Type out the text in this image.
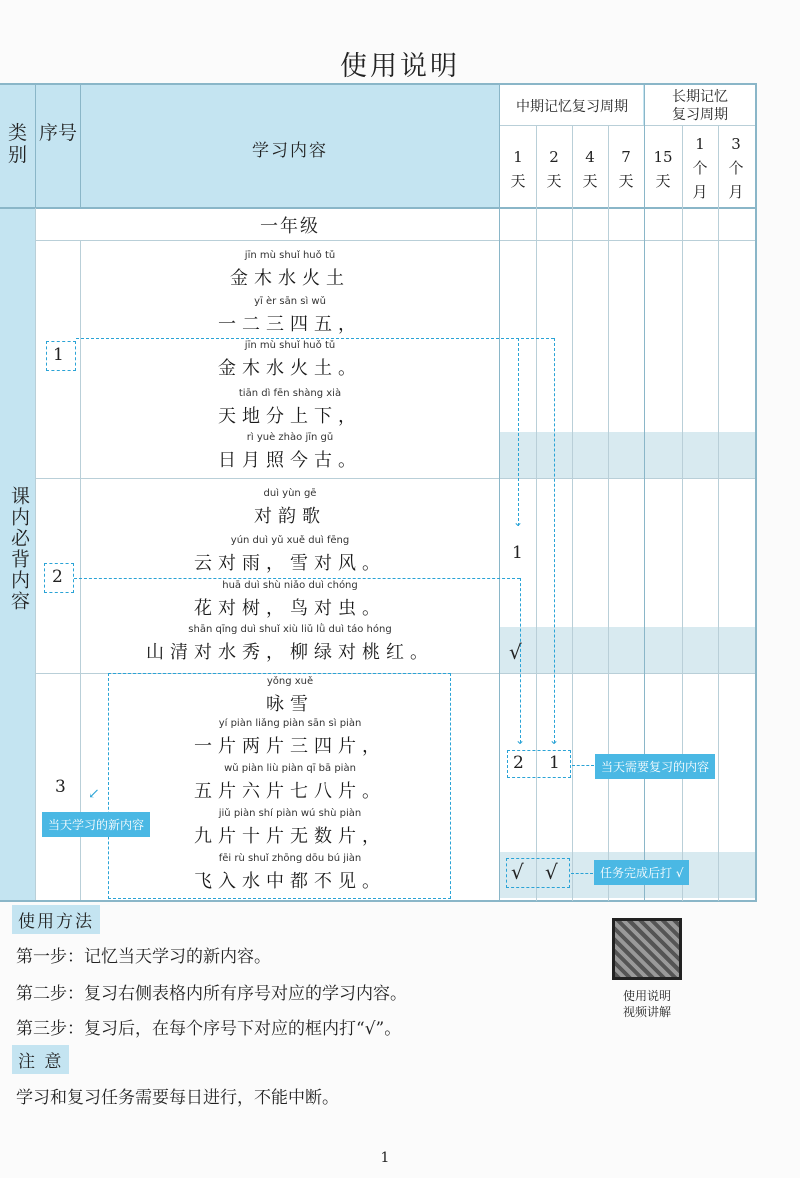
使用说明
类别
序号
学习内容
中期记忆复习周期
长期记忆
复习周期
1
天
2
天
4
天
7
天
15
天
1
个
月
3
个
月
课内必背内容
一年级
jīn mù shuǐ huǒ tǔ
金木水火土
yī èr sān sì wǔ
一二三四五，
jīn mù shuǐ huǒ tǔ
金木水火土。
tiān dì fēn shàng xià
天地分上下，
rì yuè zhào jīn gǔ
日月照今古。
duì yùn gē
对韵歌
yún duì yǔ xuě duì fēng
云对雨，雪对风。
huā duì shù niǎo duì chóng
花对树，鸟对虫。
shān qīng duì shuǐ xiù liǔ lǜ duì táo hóng
山清对水秀，柳绿对桃红。
yǒng xuě
咏雪
yí piàn liǎng piàn sān sì piàn
一片两片三四片，
wǔ piàn liù piàn qī bā piàn
五片六片七八片。
jiǔ piàn shí piàn wú shù piàn
九片十片无数片，
fēi rù shuǐ zhōng dōu bú jiàn
飞入水中都不见。
1
2
3
⌄
⌄ ⌄
1
√
2 1
√ √
当天需要复习的内容
任务完成后打 √
↙
当天学习的新内容
使用方法
第一步：记忆当天学习的新内容。
第二步：复习右侧表格内所有序号对应的学习内容。
第三步：复习后，在每个序号下对应的框内打“√”。
注 意
学习和复习任务需要每日进行，不能中断。
使用说明
视频讲解
1
